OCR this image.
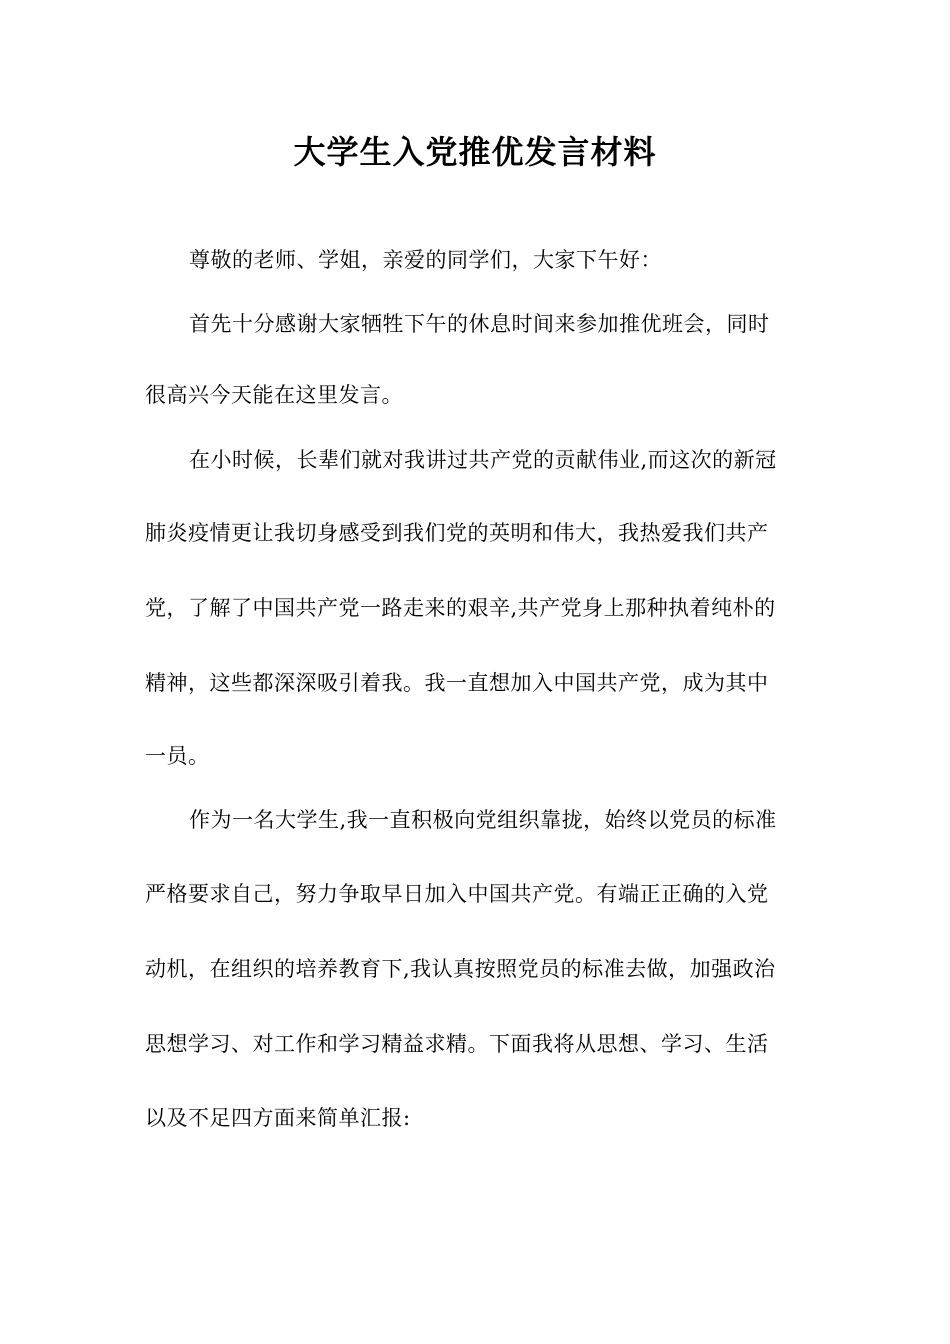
大学生入党推优发言材料

尊敬的老师、学姐，亲爱的同学们，大家下午好：

首先十分感谢大家牺牲下午的休息时间来参加推优班会，同时

很高兴今天能在这里发言。

在小时候，长辈们就对我讲过共产党的贡献伟业,而这次的新冠

肺炎疫情更让我切身感受到我们党的英明和伟大，我热爱我们共产

党，了解了中国共产党一路走来的艰辛,共产党身上那种执着纯朴的

精神，这些都深深吸引着我。我一直想加入中国共产党，成为其中

一员。

作为一名大学生,我一直积极向党组织靠拢，始终以党员的标准

严格要求自己，努力争取早日加入中国共产党。有端正正确的入党

动机，在组织的培养教育下,我认真按照党员的标准去做，加强政治

思想学习、对工作和学习精益求精。下面我将从思想、学习、生活

以及不足四方面来简单汇报:
